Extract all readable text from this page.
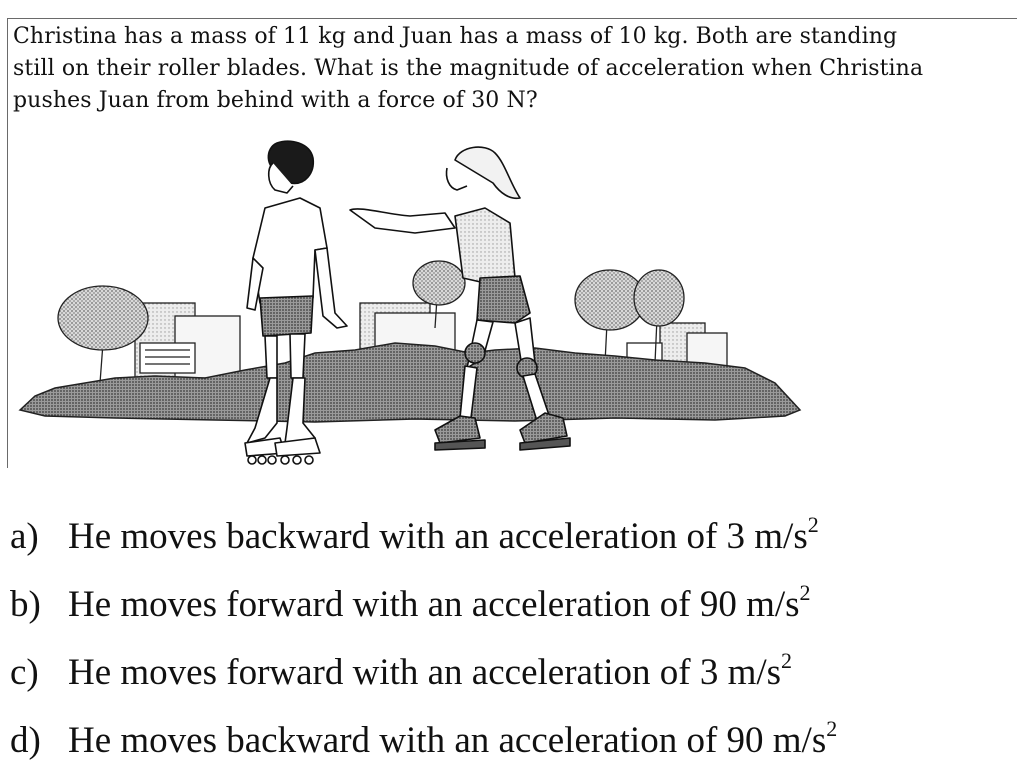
Christina has a mass of 11 kg and Juan has a mass of 10 kg. Both are standing
still on their roller blades. What is the magnitude of acceleration when Christina
pushes Juan from behind with a force of 30 N?
a) He moves backward with an acceleration of 3 $m/s^2$
b) He moves forward with an acceleration of 90 $m/s^2$
c) He moves forward with an acceleration of 3 $m/s^2$
d) He moves backward with an acceleration of 90 $m/s^2$
